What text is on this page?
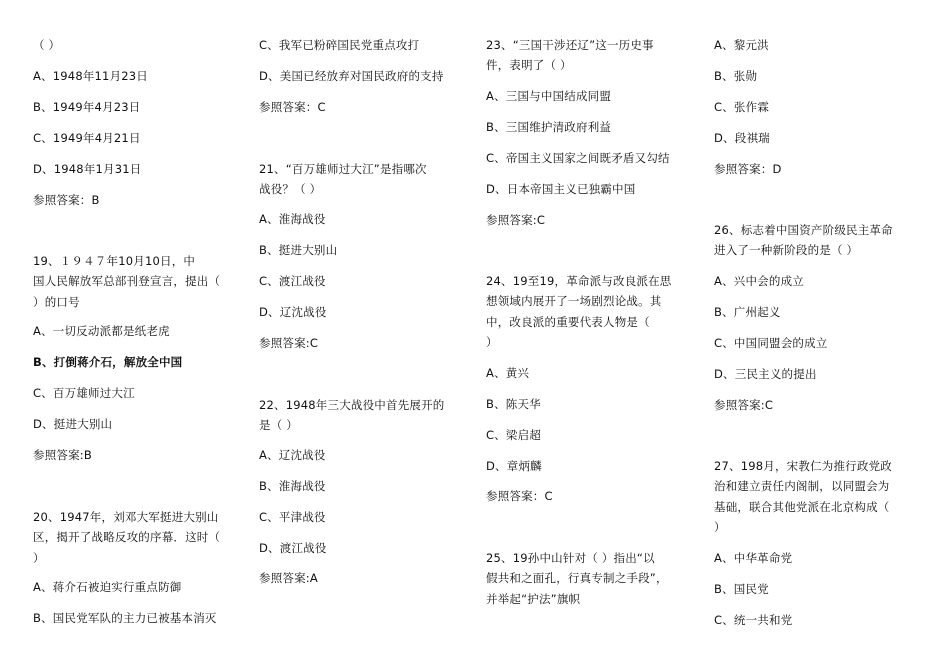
（ ）
A、1948年11月23日
B、1949年4月23日
C、1949年4月21日
D、1948年1月31日
参照答案：B
19、１９４７年10月10日，中
国人民解放军总部刊登宣言，提出（
）的口号
A、一切反动派都是纸老虎
B、打倒蒋介石，解放全中国
C、百万雄师过大江
D、挺进大别山
参照答案:B
20、1947年，刘邓大军挺进大别山
区，揭开了战略反攻的序幕．这时（
）
A、蒋介石被迫实行重点防御
B、国民党军队的主力已被基本消灭
C、我军已粉碎国民党重点攻打
D、美国已经放弃对国民政府的支持
参照答案：C
21、“百万雄师过大江”是指哪次
战役？（ ）
A、淮海战役
B、挺进大别山
C、渡江战役
D、辽沈战役
参照答案:C
22、1948年三大战役中首先展开的
是（ ）
A、辽沈战役
B、淮海战役
C、平津战役
D、渡江战役
参照答案:A
23、“三国干涉还辽”这一历史事
件，表明了（ ）
A、三国与中国结成同盟
B、三国维护清政府利益
C、帝国主义国家之间既矛盾又勾结
D、日本帝国主义已独霸中国
参照答案:C
24、19至19，革命派与改良派在思
想领域内展开了一场剧烈论战。其
中，改良派的重要代表人物是（
）
A、黄兴
B、陈天华
C、梁启超
D、章炳麟
参照答案：C
25、19孙中山针对（ ）指出“以
假共和之面孔，行真专制之手段”，
并举起“护法”旗帜
A、黎元洪
B、张勋
C、张作霖
D、段祺瑞
参照答案：D
26、标志着中国资产阶级民主革命
进入了一种新阶段的是（ ）
A、兴中会的成立
B、广州起义
C、中国同盟会的成立
D、三民主义的提出
参照答案:C
27、198月，宋教仁为推行政党政
治和建立责任内阁制，以同盟会为
基础，联合其他党派在北京构成（
）
A、中华革命党
B、国民党
C、统一共和党
